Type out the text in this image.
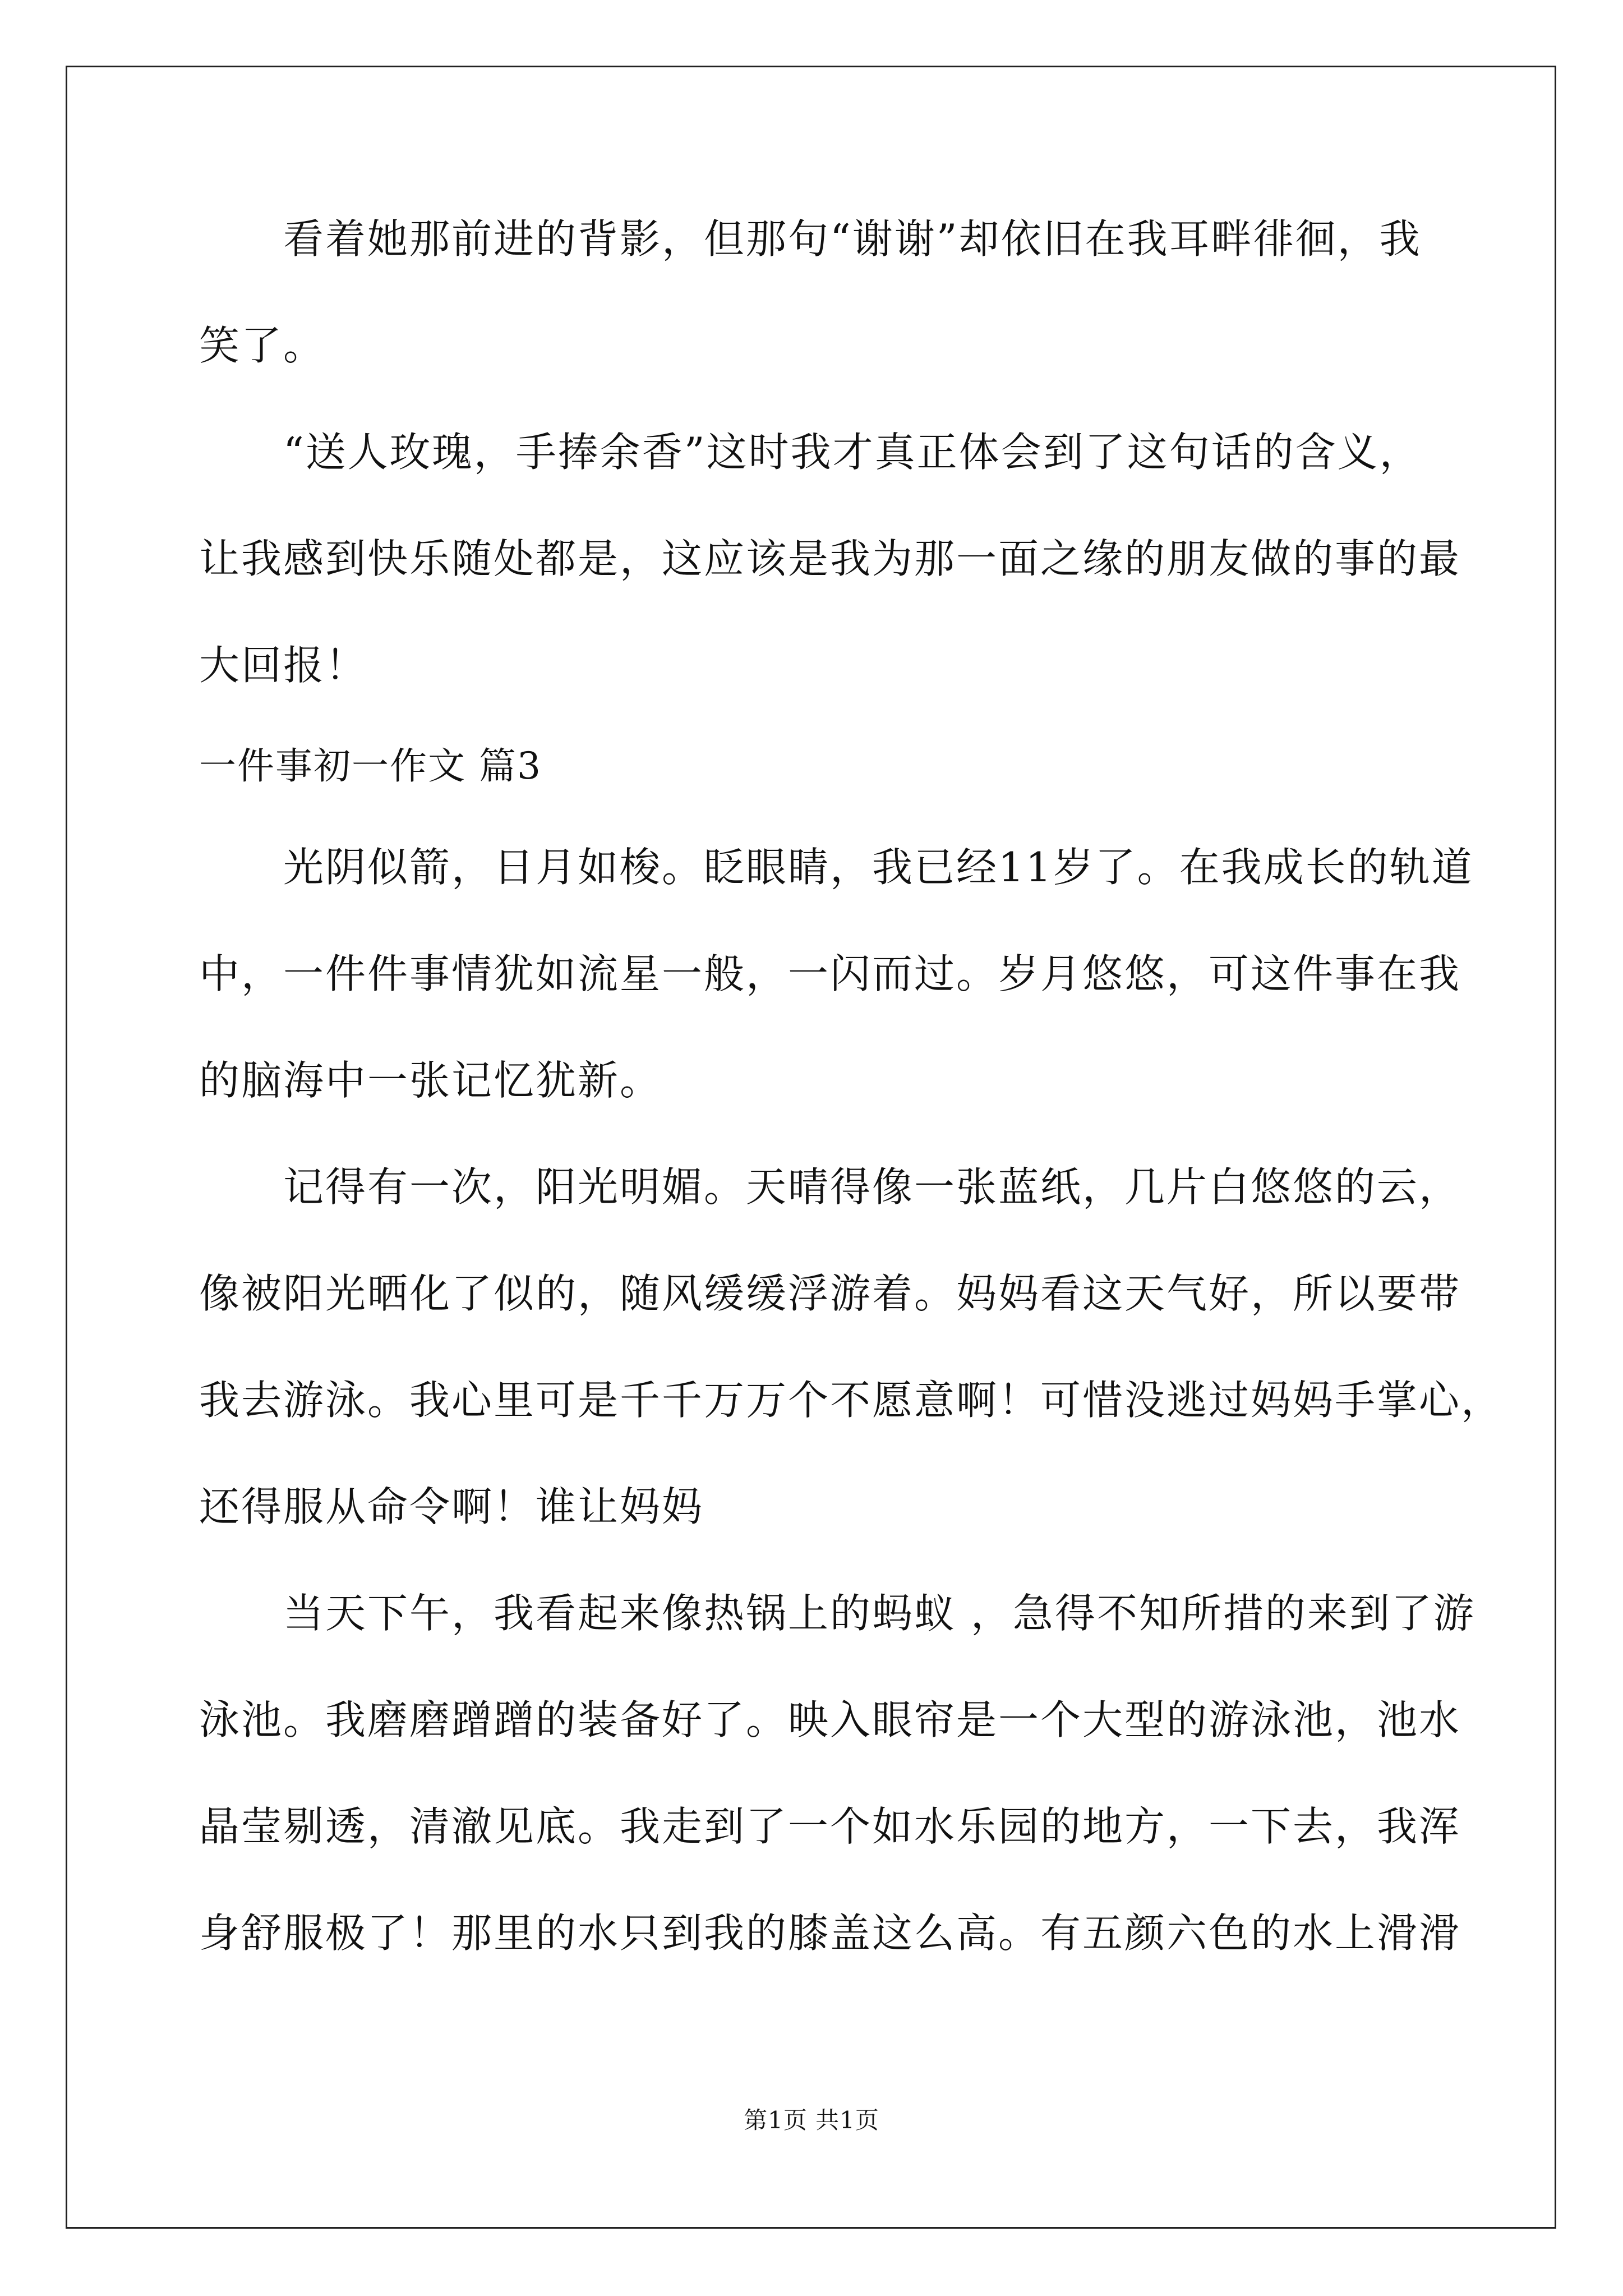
看着她那前进的背影，但那句“谢谢”却依旧在我耳畔徘徊，我
笑了。
“送人玫瑰，手捧余香”这时我才真正体会到了这句话的含义，
让我感到快乐随处都是，这应该是我为那一面之缘的朋友做的事的最
大回报！
一件事初一作文 篇3
光阴似箭，日月如梭。眨眼睛，我已经11岁了。在我成长的轨道
中，一件件事情犹如流星一般，一闪而过。岁月悠悠，可这件事在我
的脑海中一张记忆犹新。
记得有一次，阳光明媚。天晴得像一张蓝纸，几片白悠悠的云，
像被阳光晒化了似的，随风缓缓浮游着。妈妈看这天气好，所以要带
我去游泳。我心里可是千千万万个不愿意啊！可惜没逃过妈妈手掌心，
还得服从命令啊！谁让妈妈
当天下午，我看起来像热锅上的蚂蚁 ，急得不知所措的来到了游
泳池。我磨磨蹭蹭的装备好了。映入眼帘是一个大型的游泳池，池水
晶莹剔透，清澈见底。我走到了一个如水乐园的地方，一下去，我浑
身舒服极了！那里的水只到我的膝盖这么高。有五颜六色的水上滑滑
第1页 共1页
